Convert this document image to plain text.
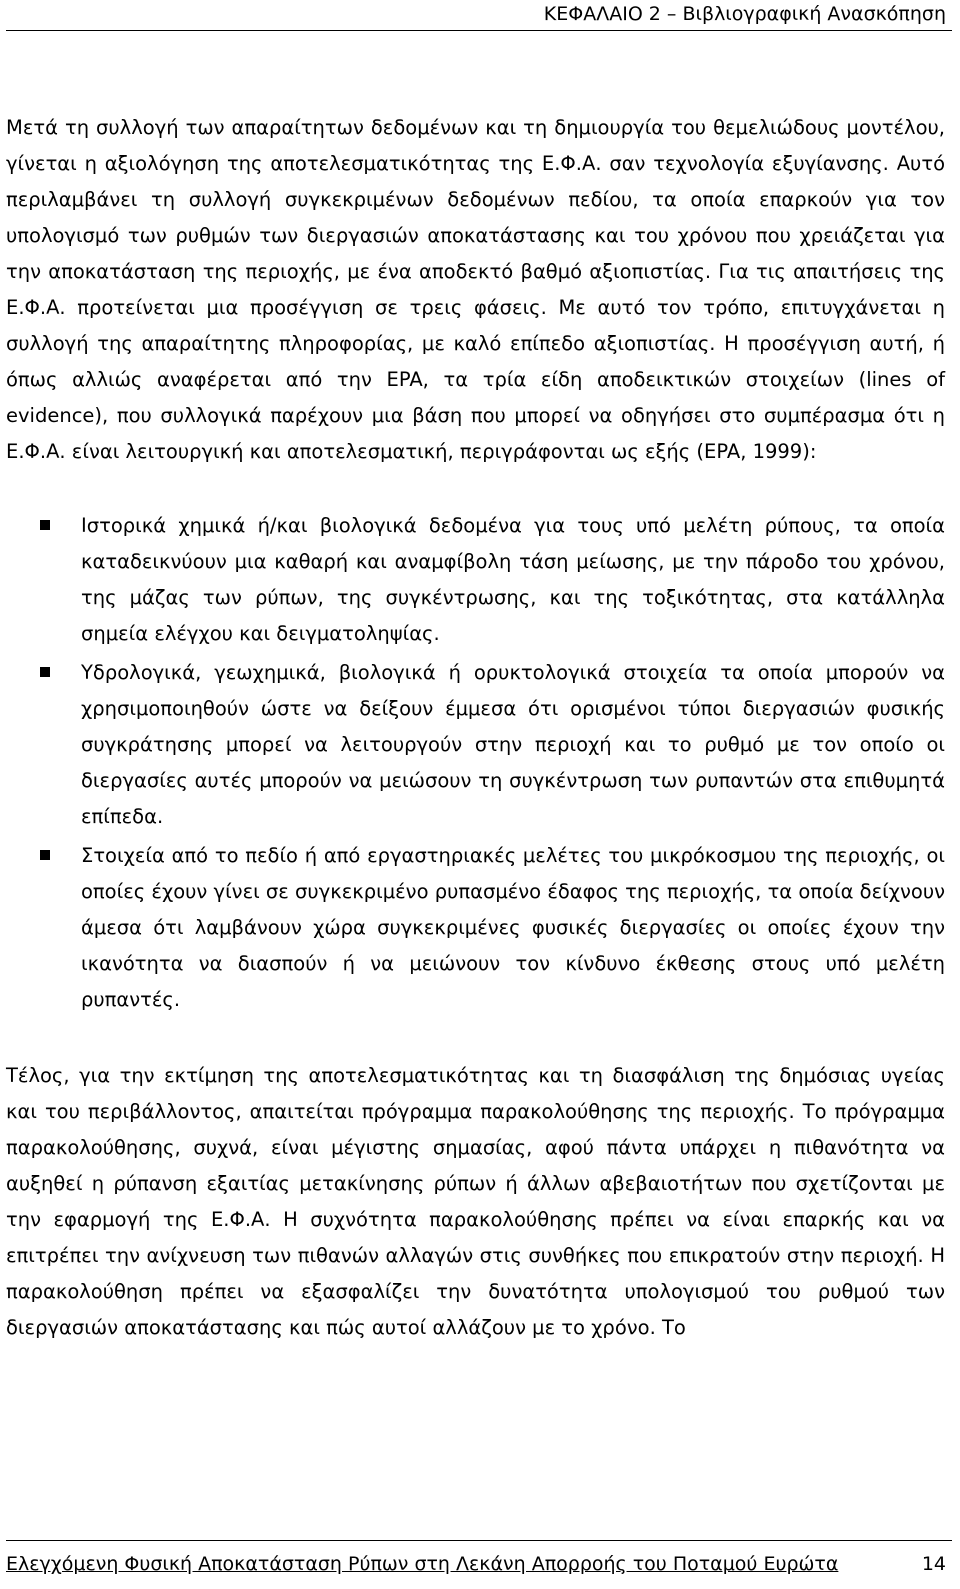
ΚΕΦΑΛΑΙΟ 2 – Βιβλιογραφική Ανασκόπηση

Μετά τη συλλογή των απαραίτητων δεδομένων και τη δημιουργία του θεμελιώδους μοντέλου, γίνεται η αξιολόγηση της αποτελεσματικότητας της Ε.Φ.Α. σαν τεχνολογία εξυγίανσης. Αυτό περιλαμβάνει τη συλλογή συγκεκριμένων δεδομένων πεδίου, τα οποία επαρκούν για τον υπολογισμό των ρυθμών των διεργασιών αποκατάστασης και του χρόνου που χρειάζεται για την αποκατάσταση της περιοχής, με ένα αποδεκτό βαθμό αξιοπιστίας. Για τις απαιτήσεις της Ε.Φ.Α. προτείνεται μια προσέγγιση σε τρεις φάσεις. Με αυτό τον τρόπο, επιτυγχάνεται η συλλογή της απαραίτητης πληροφορίας, με καλό επίπεδο αξιοπιστίας. Η προσέγγιση αυτή, ή όπως αλλιώς αναφέρεται από την EPA, τα τρία είδη αποδεικτικών στοιχείων (lines of evidence), που συλλογικά παρέχουν μια βάση που μπορεί να οδηγήσει στο συμπέρασμα ότι η Ε.Φ.Α. είναι λειτουργική και αποτελεσματική, περιγράφονται ως εξής (EPA, 1999):

Ιστορικά χημικά ή/και βιολογικά δεδομένα για τους υπό μελέτη ρύπους, τα οποία καταδεικνύουν μια καθαρή και αναμφίβολη τάση μείωσης, με την πάροδο του χρόνου, της μάζας των ρύπων, της συγκέντρωσης, και της τοξικότητας, στα κατάλληλα σημεία ελέγχου και δειγματοληψίας.
Υδρολογικά, γεωχημικά, βιολογικά ή ορυκτολογικά στοιχεία τα οποία μπορούν να χρησιμοποιηθούν ώστε να δείξουν έμμεσα ότι ορισμένοι τύποι διεργασιών φυσικής συγκράτησης μπορεί να λειτουργούν στην περιοχή και το ρυθμό με τον οποίο οι διεργασίες αυτές μπορούν να μειώσουν τη συγκέντρωση των ρυπαντών στα επιθυμητά επίπεδα.
Στοιχεία από το πεδίο ή από εργαστηριακές μελέτες του μικρόκοσμου της περιοχής, οι οποίες έχουν γίνει σε συγκεκριμένο ρυπασμένο έδαφος της περιοχής, τα οποία δείχνουν άμεσα ότι λαμβάνουν χώρα συγκεκριμένες φυσικές διεργασίες οι οποίες έχουν την ικανότητα να διασπούν ή να μειώνουν τον κίνδυνο έκθεσης στους υπό μελέτη ρυπαντές.

Τέλος, για την εκτίμηση της αποτελεσματικότητας και τη διασφάλιση της δημόσιας υγείας και του περιβάλλοντος, απαιτείται πρόγραμμα παρακολούθησης της περιοχής. Το πρόγραμμα παρακολούθησης, συχνά, είναι μέγιστης σημασίας, αφού πάντα υπάρχει η πιθανότητα να αυξηθεί η ρύπανση εξαιτίας μετακίνησης ρύπων ή άλλων αβεβαιοτήτων που σχετίζονται με την εφαρμογή της Ε.Φ.Α. Η συχνότητα παρακολούθησης πρέπει να είναι επαρκής και να επιτρέπει την ανίχνευση των πιθανών αλλαγών στις συνθήκες που επικρατούν στην περιοχή. Η παρακολούθηση πρέπει να εξασφαλίζει την δυνατότητα υπολογισμού του ρυθμού των διεργασιών αποκατάστασης και πώς αυτοί αλλάζουν με το χρόνο. Το

Ελεγχόμενη Φυσική Αποκατάσταση Ρύπων στη Λεκάνη Απορροής του Ποταμού Ευρώτα	14
